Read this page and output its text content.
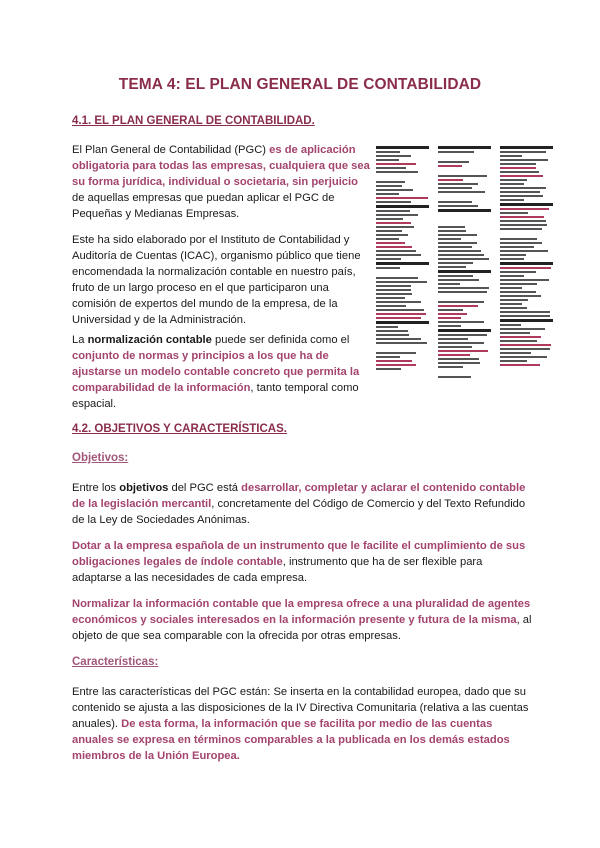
TEMA 4: EL PLAN GENERAL DE CONTABILIDAD
4.1. EL PLAN GENERAL DE CONTABILIDAD.

El Plan General de Contabilidad (PGC) es de aplicación obligatoria para todas las empresas, cualquiera que sea su forma jurídica, individual o societaria, sin perjuicio de aquellas empresas que puedan aplicar el PGC de Pequeñas y Medianas Empresas.

Este ha sido elaborado por el Instituto de Contabilidad y Auditoría de Cuentas (ICAC), organismo público que tiene encomendada la normalización contable en nuestro país, fruto de un largo proceso en el que participaron una comisión de expertos del mundo de la empresa, de la Universidad y de la Administración.

La normalización contable puede ser definida como el conjunto de normas y principios a los que ha de ajustarse un modelo contable concreto que permita la comparabilidad de la información, tanto temporal como espacial.

4.2. OBJETIVOS Y CARACTERÍSTICAS.
Objetivos:

Entre los objetivos del PGC está desarrollar, completar y aclarar el contenido contable de la legislación mercantil, concretamente del Código de Comercio y del Texto Refundido de la Ley de Sociedades Anónimas.

Dotar a la empresa española de un instrumento que le facilite el cumplimiento de sus obligaciones legales de índole contable, instrumento que ha de ser flexible para adaptarse a las necesidades de cada empresa.

Normalizar la información contable que la empresa ofrece a una pluralidad de agentes económicos y sociales interesados en la información presente y futura de la misma, al objeto de que sea comparable con la ofrecida por otras empresas.

Características:

Entre las características del PGC están: Se inserta en la contabilidad europea, dado que su contenido se ajusta a las disposiciones de la IV Directiva Comunitaria (relativa a las cuentas anuales). De esta forma, la información que se facilita por medio de las cuentas anuales se expresa en términos comparables a la publicada en los demás estados miembros de la Unión Europea.
